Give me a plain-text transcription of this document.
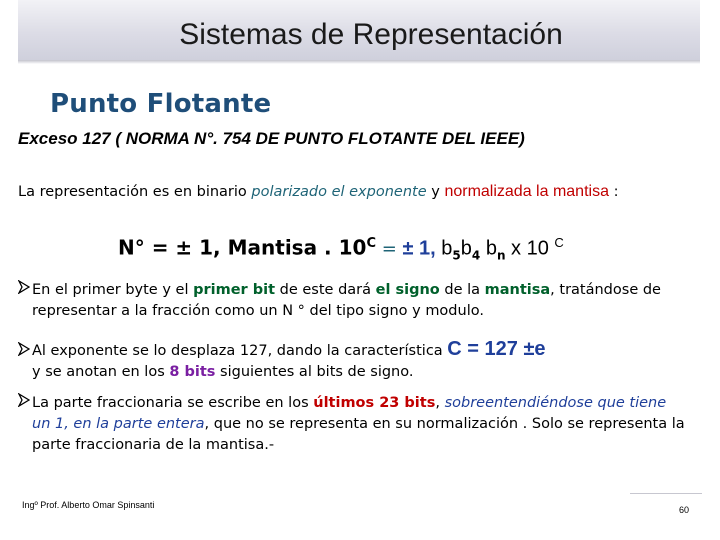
Sistemas de Representación
Punto Flotante
Exceso 127 ( NORMA N°. 754 DE PUNTO FLOTANTE DEL IEEE)
La representación es en binario polarizado el exponente y normalizada la mantisa :
N° = ± 1, Mantisa . $10^C$ = ± 1, $b_5b_4$ $b_n$ x 10 $^C$
En el primer byte y el primer bit de este dará el signo de la mantisa, tratándose de representar a la fracción como un N ° del tipo signo y modulo.
Al exponente se lo desplaza 127, dando la característica C = 127 ±e
y se anotan en los 8 bits siguientes al bits de signo.
La parte fraccionaria se escribe en los últimos 23 bits, sobreentendiéndose que tiene un 1, en la parte entera, que no se representa en su normalización . Solo se representa la parte fraccionaria de la mantisa.-
Ingº Prof. Alberto Omar Spinsanti	60
